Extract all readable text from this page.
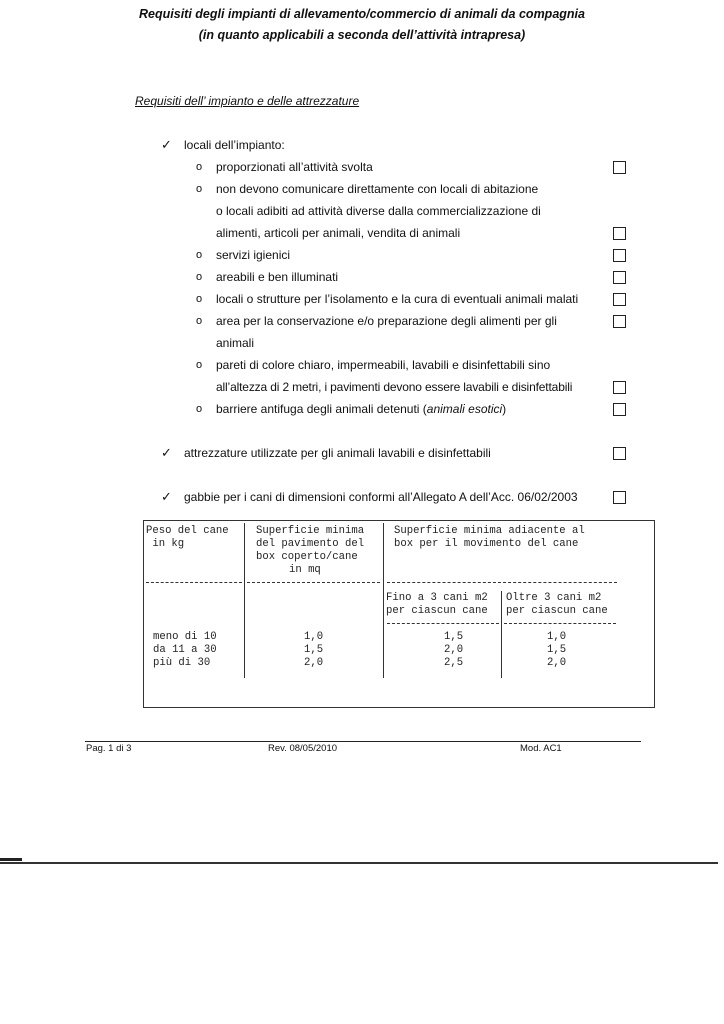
Requisiti degli impianti di allevamento/commercio di animali da compagnia
(in quanto applicabili a seconda dell’attività intrapresa)
Requisiti dell’ impianto e delle attrezzature
✓ locali dell’impianto:
o proporzionati all’attività svolta
o non devono comunicare direttamente con locali di abitazione
o locali adibiti ad attività diverse dalla commercializzazione di
alimenti, articoli per animali, vendita di animali
o servizi igienici
o areabili e ben illuminati
o locali o strutture per l’isolamento e la cura di eventuali animali malati
o area per la conservazione e/o preparazione degli alimenti per gli
animali
o pareti di colore chiaro, impermeabili, lavabili e disinfettabili sino
all’altezza di 2 metri, i pavimenti devono essere lavabili e disinfettabili
o barriere antifuga degli animali detenuti (animali esotici)
✓ attrezzature utilizzate per gli animali lavabili e disinfettabili
✓ gabbie per i cani di dimensioni conformi all’Allegato A dell’Acc. 06/02/2003
Peso del cane
in kg
Superficie minima
del pavimento del
box coperto/cane
in mq
Superficie minima adiacente al
box per il movimento del cane
Fino a 3 cani m2
per ciascun cane
Oltre 3 cani m2
per ciascun cane
meno di 10	1,0	1,5	1,0
da 11 a 30	1,5	2,0	1,5
più di 30	2,0	2,5	2,0
Pag. 1 di 3	Rev. 08/05/2010	Mod. AC1
